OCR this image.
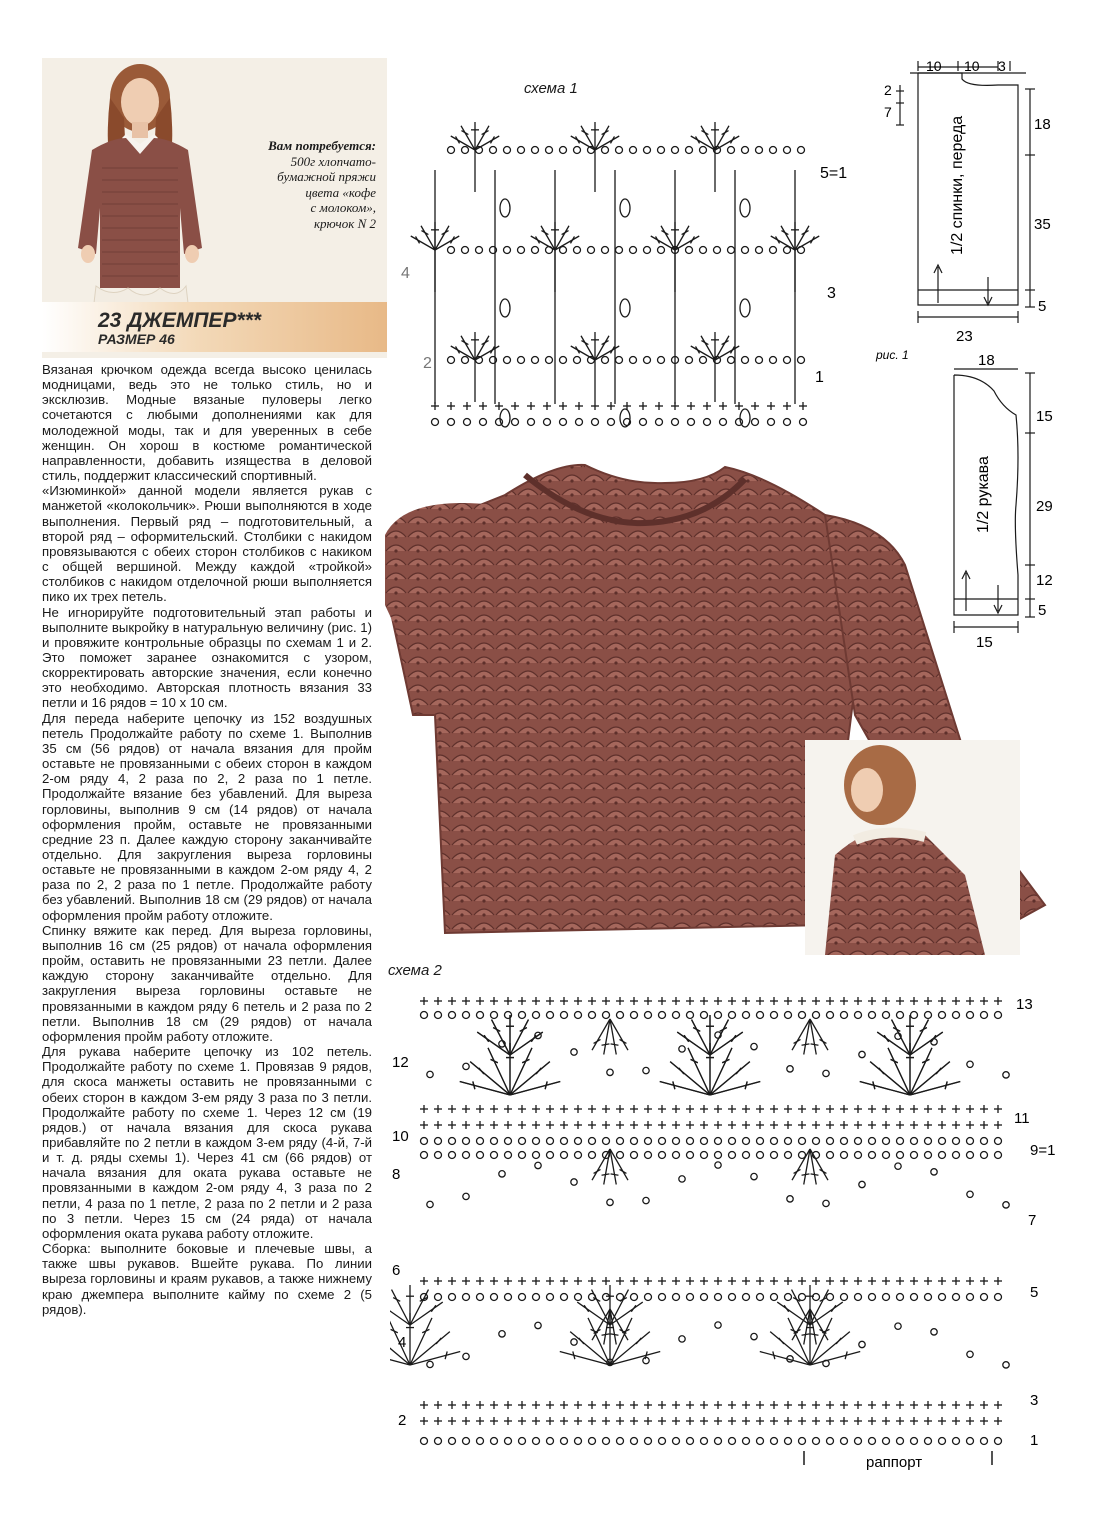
Вам потребуется:
500г хлопчато-
бумажной пряжи
цвета «кофе
с молоком»,
крючок N 2
23 ДЖЕМПЕР***
РАЗМЕР 46

Вязаная крючком одежда всегда высоко ценилась модницами, ведь это не только стиль, но и эксклюзив. Модные вязаные пуловеры легко сочетаются с любыми дополнениями как для молодежной моды, так и для уверенных в себе женщин. Он хорош в костюме романтической направленности, добавить изящества в деловой стиль, поддержит классический спортивный.

«Изюминкой» данной модели является рукав с манжетой «колокольчик». Рюши выполняются в ходе выполнения. Первый ряд – подготовительный, а второй ряд – оформительский. Столбики с накидом провязываются с обеих сторон столбиков с накиком с общей вершиной. Между каждой «тройкой» столбиков с накидом отделочной рюши выполняется пико их трех петель.

Не игнорируйте подготовительный этап работы и выполните выкройку в натуральную величину (рис. 1) и провяжите контрольные образцы по схемам 1 и 2. Это поможет заранее ознакомится с узором, скорректировать авторские значения, если конечно это необходимо. Авторская плотность вязания 33 петли и 16 рядов = 10 x 10 см.

Для переда наберите цепочку из 152 воздушных петель Продолжайте работу по схеме 1. Выполнив 35 см (56 рядов) от начала вязания для пройм оставьте не провязанными с обеих сторон в каждом 2-ом ряду 4, 2 раза по 2, 2 раза по 1 петле. Продолжайте вязание без убавлений. Для выреза горловины, выполнив 9 см (14 рядов) от начала оформления пройм, оставьте не провязанными средние 23 п. Далее каждую сторону заканчивайте отдельно. Для закругления выреза горловины оставьте не провязанными в каждом 2-ом ряду 4, 2 раза по 2, 2 раза по 1 петле. Продолжайте работу без убавлений. Выполнив 18 см (29 рядов) от начала оформления пройм работу отложите.

Спинку вяжите как перед. Для выреза горловины, выполнив 16 см (25 рядов) от начала оформления пройм, оставить не провязанными 23 петли. Далее каждую сторону заканчивайте отдельно. Для закругления выреза горловины оставьте не провязанными в каждом ряду 6 петель и 2 раза по 2 петли. Выполнив 18 см (29 рядов) от начала оформления пройм работу отложите.

Для рукава наберите цепочку из 102 петель. Продолжайте работу по схеме 1. Провязав 9 рядов, для скоса манжеты оставить не провязанными с обеих сторон в каждом 3-ем ряду 3 раза по 3 петли. Продолжайте работу по схеме 1. Через 12 см (19 рядов.) от начала вязания для скоса рукава прибавляйте по 2 петли в каждом 3-ем ряду (4-й, 7-й и т. д. ряды схемы 1). Через 41 см (66 рядов) от начала вязания для оката рукава оставьте не провязанными в каждом 2-ом ряду 4, 3 раза по 2 петли, 4 раза по 1 петле, 2 раза по 2 петли и 2 раза по 3 петли. Через 15 см (24 ряда) от начала оформления оката рукава работу отложите.

Сборка: выполните боковые и плечевые швы, а также швы рукавов. Вшейте рукава. По линии выреза горловины и краям рукавов, а также нижнему краю джемпера выполните кайму по схеме 2 (5 рядов).

схема 1
5=1
3
4
2
1
10 10 3
2
7
18
35
5
23
1/2 спинки, переда
рис. 1	18
15
29
12
5
15
1/2 рукава
схема 2
13
12
11
10
9=1
8
7
6
5
4
3
2
1
раппорт
